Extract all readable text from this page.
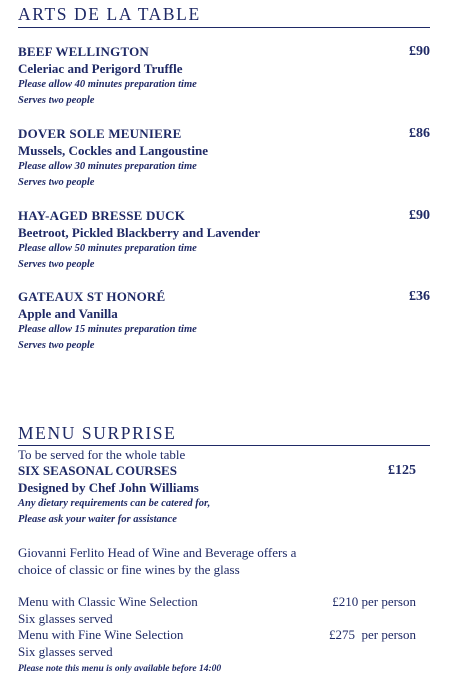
ARTS DE LA TABLE
BEEF WELLINGTON
Celeriac and Perigord Truffle
Please allow 40 minutes preparation time
Serves two people
£90
DOVER SOLE MEUNIERE
Mussels, Cockles and Langoustine
Please allow 30 minutes preparation time
Serves two people
£86
HAY-AGED BRESSE DUCK
Beetroot, Pickled Blackberry and Lavender
Please allow 50 minutes preparation time
Serves two people
£90
GATEAUX ST HONORÉ
Apple and Vanilla
Please allow 15 minutes preparation time
Serves two people
£36
MENU SURPRISE
To be served for the whole table
SIX SEASONAL COURSES	£125
Designed by Chef John Williams
Any dietary requirements can be catered for,
Please ask your waiter for assistance
Giovanni Ferlito Head of Wine and Beverage offers a
choice of classic or fine wines by the glass
Menu with Classic Wine Selection	£210 per person
Six glasses served
Menu with Fine Wine Selection	£275  per person
Six glasses served
Please note this menu is only available before 14:00
